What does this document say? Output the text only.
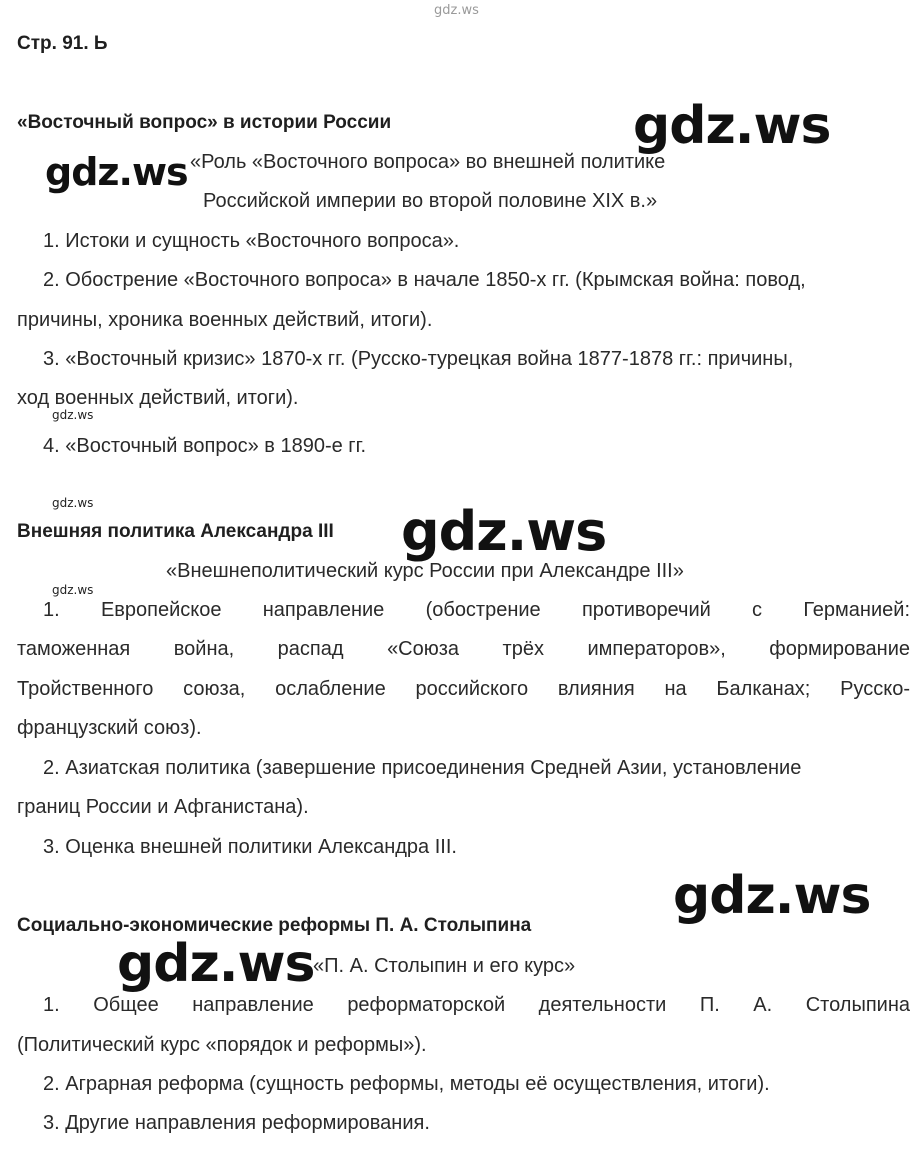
gdz.ws
Стр. 91. Ь
«Восточный вопрос» в истории России	gdz.ws
gdz.ws «Роль «Восточного вопроса» во внешней политике
Российской империи во второй половине XIX в.»
1. Истоки и сущность «Восточного вопроса».
2. Обострение «Восточного вопроса» в начале 1850-х гг. (Крымская война: повод,
причины, хроника военных действий, итоги).
3. «Восточный кризис» 1870-х гг. (Русско-турецкая война 1877-1878 гг.: причины,
ход военных действий, итоги).
gdz.ws
4. «Восточный вопрос» в 1890-е гг.
gdz.ws
Внешняя политика Александра III gdz.ws
gdz.ws
«Внешнеполитический курс России при Александре III»
1. Европейское направление (обострение противоречий с Германией:
таможенная война, распад «Союза трёх императоров», формирование
Тройственного союза, ослабление российского влияния на Балканах; Русско-
французский союз).
2. Азиатская политика (завершение присоединения Средней Азии, установление
границ России и Афганистана).
3. Оценка внешней политики Александра III.
gdz.ws
Социально-экономические реформы П. А. Столыпина
gdz.ws
«П. А. Столыпин и его курс»
1. Общее направление реформаторской деятельности П. А. Столыпина
(Политический курс «порядок и реформы»).
2. Аграрная реформа (сущность реформы, методы её осуществления, итоги).
3. Другие направления реформирования.
